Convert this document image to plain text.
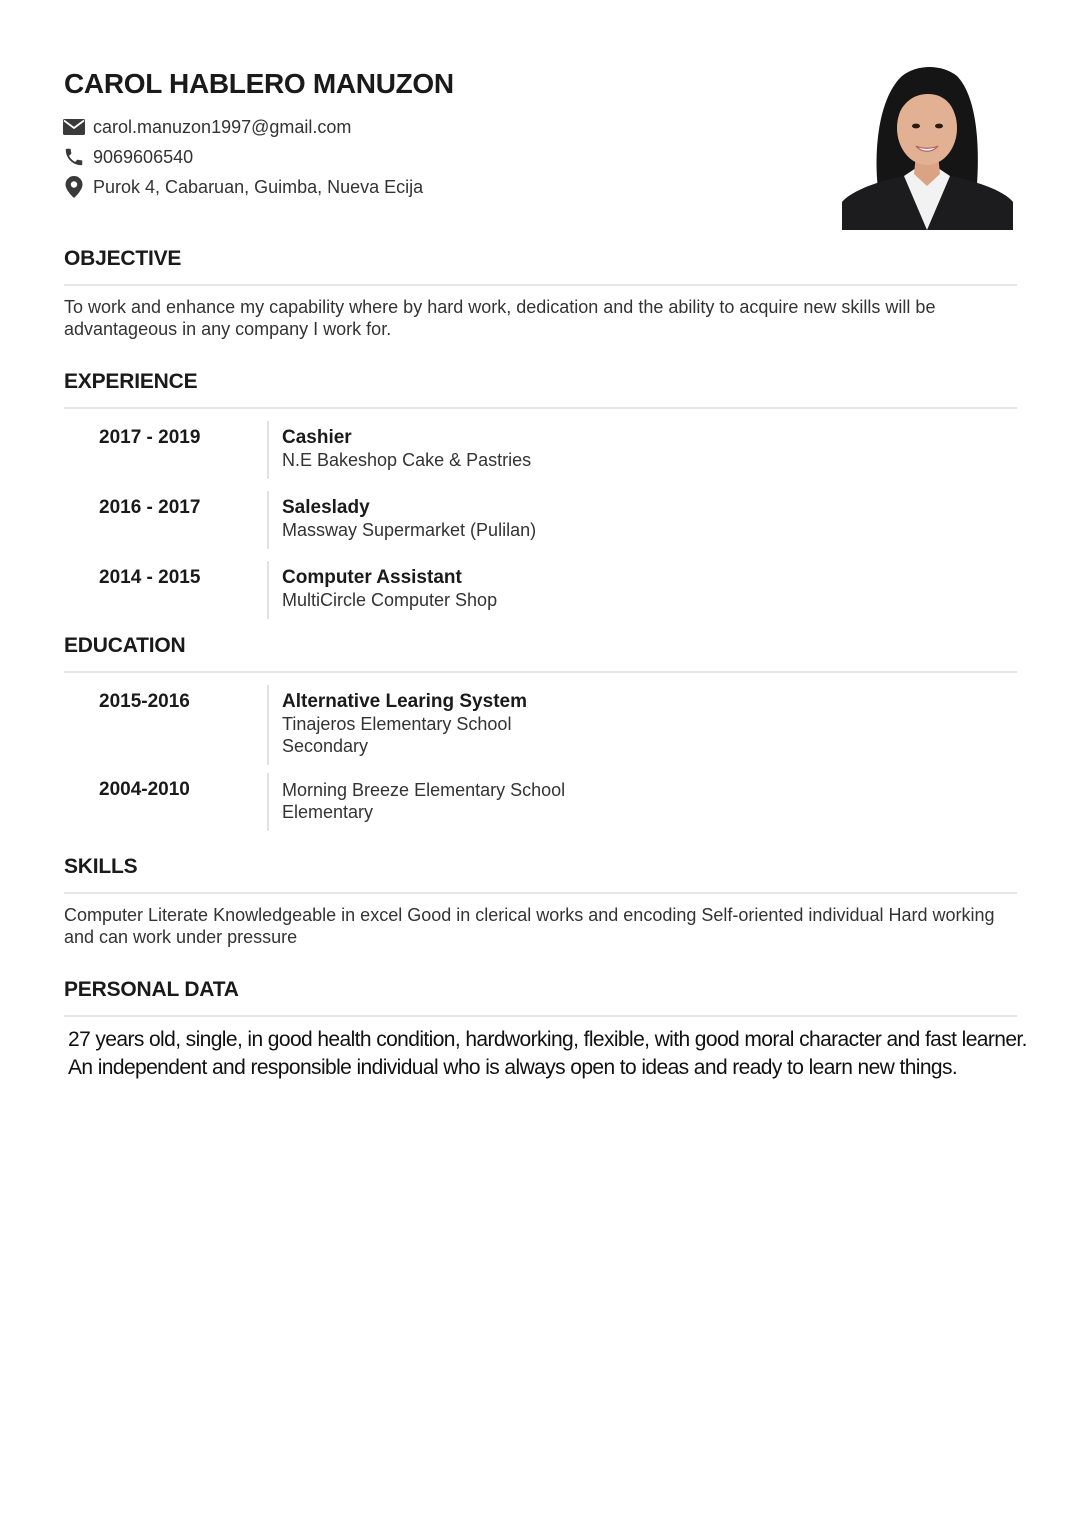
CAROL HABLERO MANUZON
carol.manuzon1997@gmail.com
9069606540
Purok 4, Cabaruan, Guimba, Nueva Ecija
OBJECTIVE

To work and enhance my capability where by hard work, dedication and the ability to acquire new skills will be advantageous in any company I work for.

EXPERIENCE
2017 - 2019	Cashier
N.E Bakeshop Cake & Pastries
2016 - 2017	Saleslady
Massway Supermarket (Pulilan)
2014 - 2015	Computer Assistant
MultiCircle Computer Shop
EDUCATION
2015-2016	Alternative Learing System
Tinajeros Elementary School
Secondary
2004-2010	Morning Breeze Elementary School
Elementary
SKILLS

Computer Literate Knowledgeable in excel Good in clerical works and encoding Self-oriented individual Hard working and can work under pressure

PERSONAL DATA
27 years old, single, in good health condition, hardworking, flexible, with good moral character and fast learner.
An independent and responsible individual who is always open to ideas and ready to learn new things.
